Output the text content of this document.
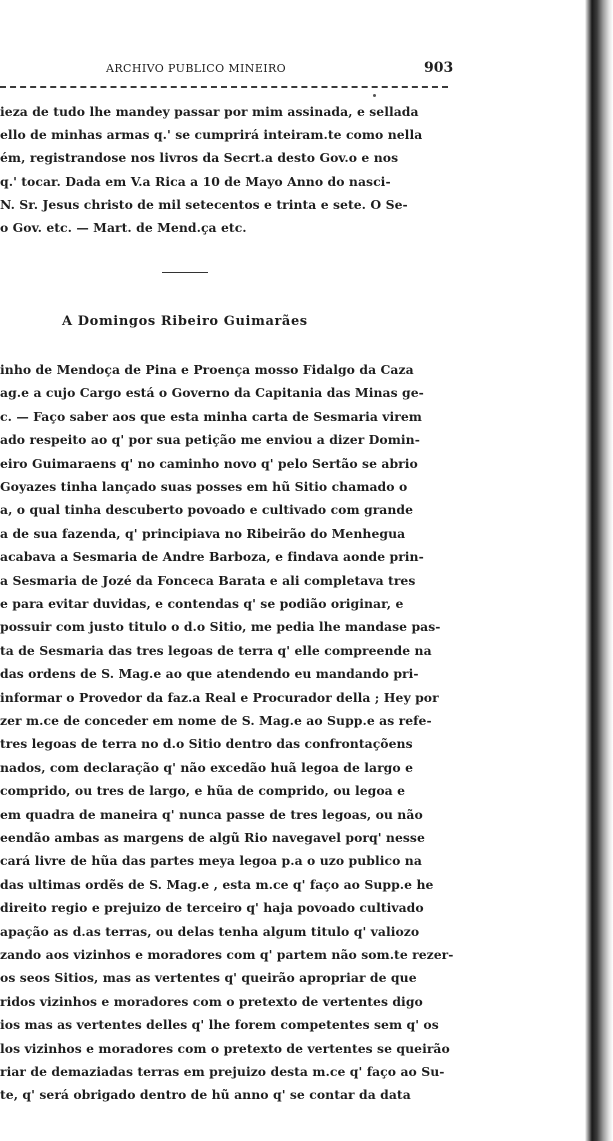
ARCHIVO PUBLICO MINEIRO	903
ieza de tudo lhe mandey passar por mim assinada, e sellada
ello de minhas armas q.' se cumprirá inteiram.te como nella
ém, registrandose nos livros da Secrt.a desto Gov.o e nos
q.' tocar. Dada em V.a Rica a 10 de Mayo Anno do nasci-
N. Sr. Jesus christo de mil setecentos e trinta e sete. O Se-
o Gov. etc. — Mart. de Mend.ça etc.
A Domingos Ribeiro Guimarães
inho de Mendoça de Pina e Proença mosso Fidalgo da Caza
ag.e a cujo Cargo está o Governo da Capitania das Minas ge-
c. — Faço saber aos que esta minha carta de Sesmaria virem
ado respeito ao q' por sua petição me enviou a dizer Domin-
eiro Guimaraens q' no caminho novo q' pelo Sertão se abrio
Goyazes tinha lançado suas posses em hũ Sitio chamado o
a, o qual tinha descuberto povoado e cultivado com grande
a de sua fazenda, q' principiava no Ribeirão do Menhegua
acabava a Sesmaria de Andre Barboza, e findava aonde prin-
a Sesmaria de Jozé da Fonceca Barata e ali completava tres
e para evitar duvidas, e contendas q' se podião originar, e
possuir com justo titulo o d.o Sitio, me pedia lhe mandase pas-
ta de Sesmaria das tres legoas de terra q' elle compreende na
das ordens de S. Mag.e ao que atendendo eu mandando pri-
informar o Provedor da faz.a Real e Procurador della ; Hey por
zer m.ce de conceder em nome de S. Mag.e ao Supp.e as refe-
tres legoas de terra no d.o Sitio dentro das confrontaçõens
nados, com declaração q' não excedão huã legoa de largo e
comprido, ou tres de largo, e hũa de comprido, ou legoa e
em quadra de maneira q' nunca passe de tres legoas, ou não
eendão ambas as margens de algũ Rio navegavel porq' nesse
cará livre de hũa das partes meya legoa p.a o uzo publico na
das ultimas ordẽs de S. Mag.e , esta m.ce q' faço ao Supp.e he
direito regio e prejuizo de terceiro q' haja povoado cultivado
apação as d.as terras, ou delas tenha algum titulo q' valiozo
zando aos vizinhos e moradores com q' partem não som.te rezer-
os seos Sitios, mas as vertentes q' queirão apropriar de que
ridos vizinhos e moradores com o pretexto de vertentes digo
ios mas as vertentes delles q' lhe forem competentes sem q' os
los vizinhos e moradores com o pretexto de vertentes se queirão
riar de demaziadas terras em prejuizo desta m.ce q' faço ao Su-
te, q' será obrigado dentro de hũ anno q' se contar da data
